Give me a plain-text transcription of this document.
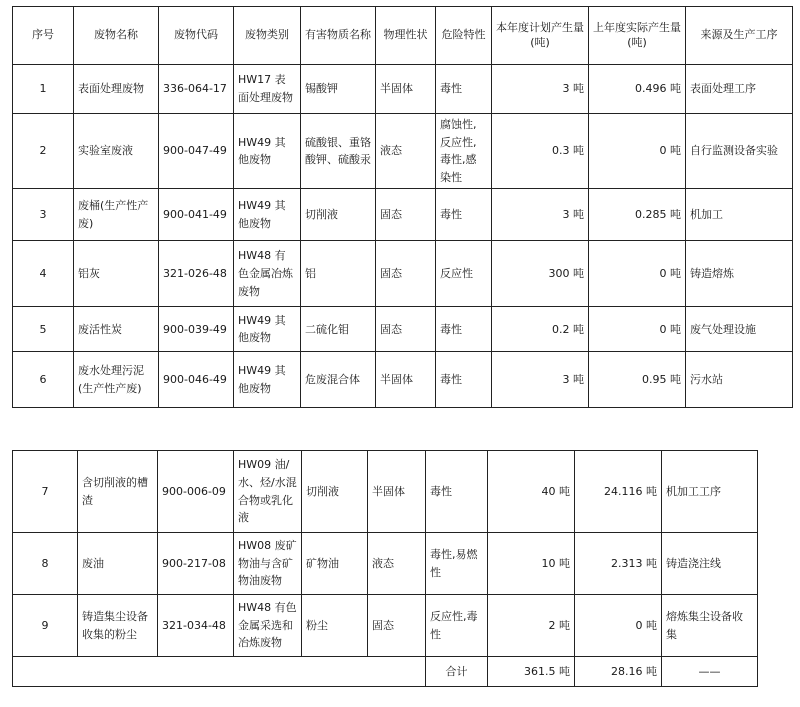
序号	废物名称	废物代码	废物类别	有害物质名称	物理性状	危险特性	本年度计划产生量(吨)	上年度实际产生量(吨)	来源及生产工序
1	表面处理废物	336-064-17	HW17 表面处理废物	锡酸钾	半固体	毒性	3 吨	0.496 吨	表面处理工序
2	实验室废液	900-047-49	HW49 其他废物	硫酸银、重铬酸钾、硫酸汞	液态	腐蚀性,反应性,毒性,感染性	0.3 吨	0 吨	自行监测设备实验
3	废桶(生产性产废)	900-041-49	HW49 其他废物	切削液	固态	毒性	3 吨	0.285 吨	机加工
4	铝灰	321-026-48	HW48 有色金属冶炼废物	铝	固态	反应性	300 吨	0 吨	铸造熔炼
5	废活性炭	900-039-49	HW49 其他废物	二硫化钼	固态	毒性	0.2 吨	0 吨	废气处理设施
6	废水处理污泥(生产性产废)	900-046-49	HW49 其他废物	危废混合体	半固体	毒性	3 吨	0.95 吨	污水站
7	含切削液的槽渣	900-006-09	HW09 油/水、烃/水混合物或乳化液	切削液	半固体	毒性	40 吨	24.116 吨	机加工工序
8	废油	900-217-08	HW08 废矿物油与含矿物油废物	矿物油	液态	毒性,易燃性	10 吨	2.313 吨	铸造浇注线
9	铸造集尘设备收集的粉尘	321-034-48	HW48 有色金属采选和冶炼废物	粉尘	固态	反应性,毒性	2 吨	0 吨	熔炼集尘设备收集
						合计	361.5 吨	28.16 吨	——
